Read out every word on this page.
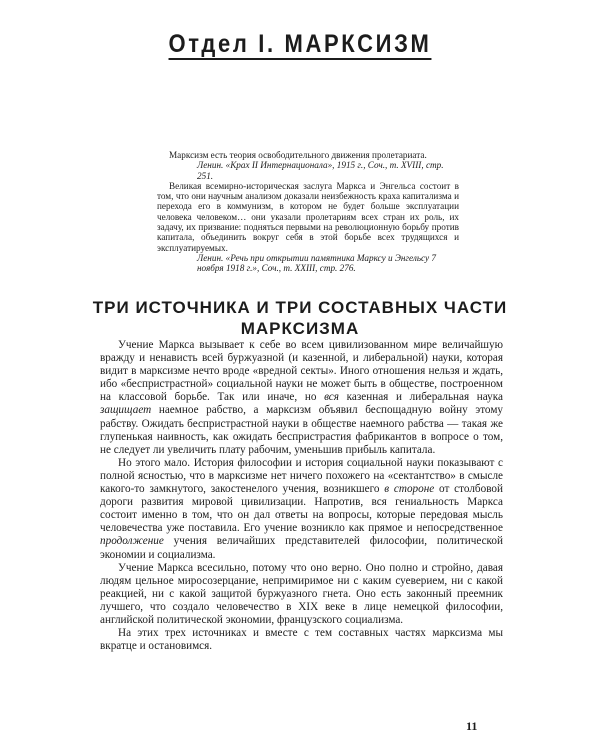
Отдел I. МАРКСИЗМ

Марксизм есть теория освободительного движения пролетариата.

Ленин. «Крах II Интернационала», 1915 г., Соч., т. XVIII, стр. 251.

Великая всемирно-историческая заслуга Маркса и Энгельса состоит в том, что они научным анализом доказали неизбежность краха капитализма и перехода его в коммунизм, в котором не будет больше эксплуатации человека человеком… они указали пролетариям всех стран их роль, их задачу, их призвание: подняться первыми на революционную борьбу против капитала, объединить вокруг себя в этой борьбе всех трудящихся и эксплуатируемых.

Ленин. «Речь при открытии памятника Марксу и Энгельсу 7 ноября 1918 г.», Соч., т. XXIII, стр. 276.

ТРИ ИСТОЧНИКА И ТРИ СОСТАВНЫХ ЧАСТИ МАРКСИЗМА

Учение Маркса вызывает к себе во всем цивилизованном мире величайшую вражду и ненависть всей буржуазной (и казенной, и либеральной) науки, которая видит в марксизме нечто вроде «вредной секты». Иного отношения нельзя и ждать, ибо «беспристрастной» социальной науки не может быть в обществе, построенном на классовой борьбе. Так или иначе, но вся казенная и либеральная наука защищает наемное рабство, а марксизм объявил беспощадную войну этому рабству. Ожидать беспристрастной науки в обществе наемного рабства — такая же глупенькая наивность, как ожидать беспристрастия фабрикантов в вопросе о том, не следует ли увеличить плату рабочим, уменьшив прибыль капитала.

Но этого мало. История философии и история социальной науки показывают с полной ясностью, что в марксизме нет ничего похожего на «сектантство» в смысле какого-то замкнутого, закостенелого учения, возникшего в стороне от столбовой дороги развития мировой цивилизации. Напротив, вся гениальность Маркса состоит именно в том, что он дал ответы на вопросы, которые передовая мысль человечества уже поставила. Его учение возникло как прямое и непосредственное продолжение учения величайших представителей философии, политической экономии и социализма.

Учение Маркса всесильно, потому что оно верно. Оно полно и стройно, давая людям цельное миросозерцание, непримиримое ни с каким суеверием, ни с какой реакцией, ни с какой защитой буржуазного гнета. Оно есть законный преемник лучшего, что создало человечество в XIX веке в лице немецкой философии, английской политической экономии, французского социализма.

На этих трех источниках и вместе с тем составных частях марксизма мы вкратце и остановимся.

11
